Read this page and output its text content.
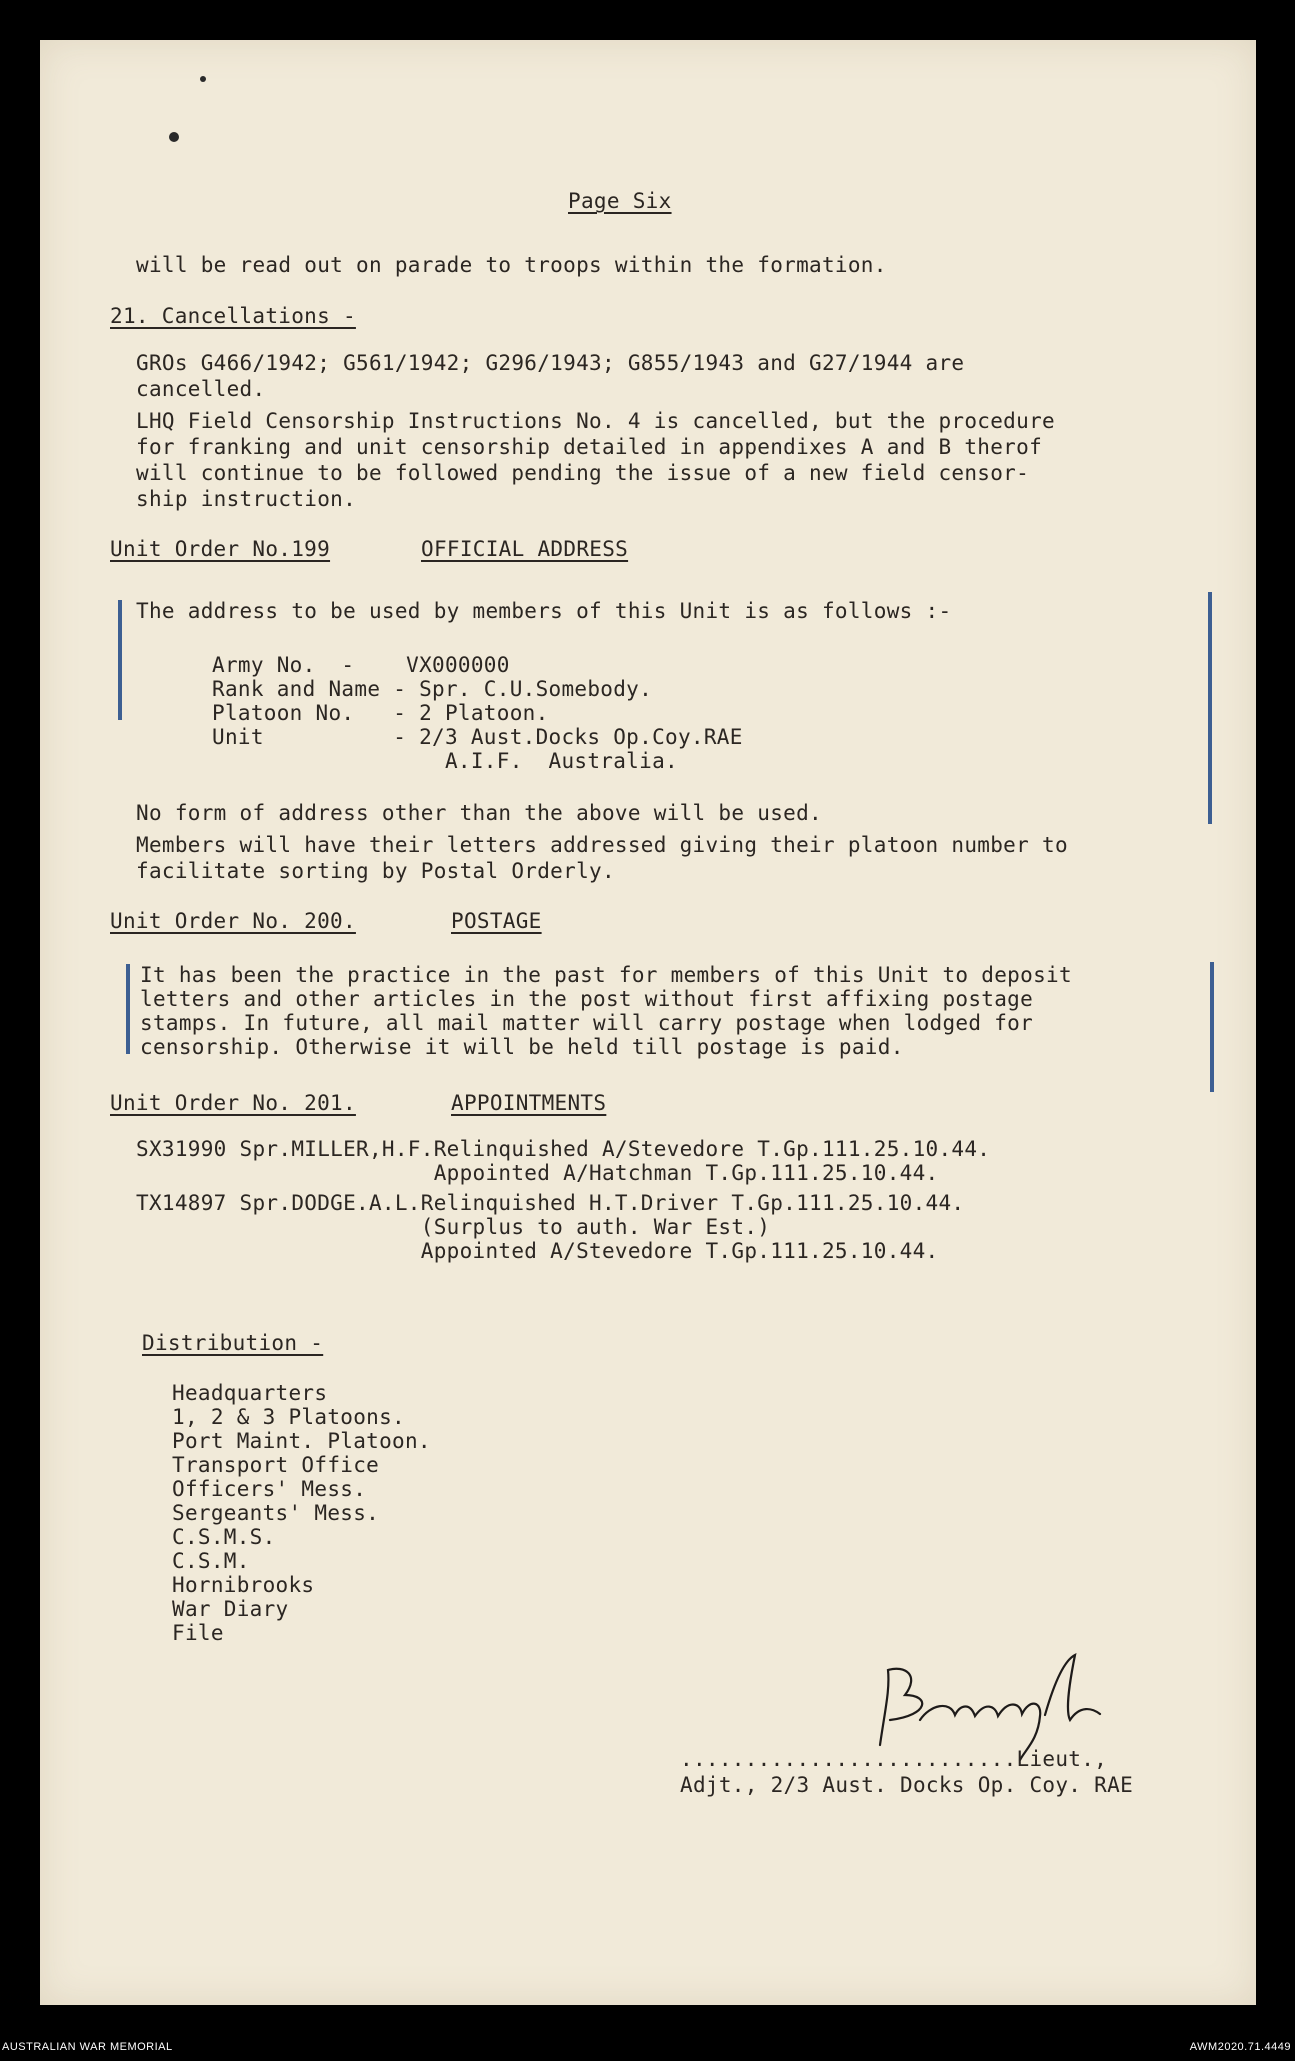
Page Six
will be read out on parade to troops within the formation.
21. Cancellations -
GROs G466/1942; G561/1942; G296/1943; G855/1943 and G27/1944 are
cancelled.
LHQ Field Censorship Instructions No. 4 is cancelled, but the procedure
for franking and unit censorship detailed in appendixes A and B therof
will continue to be followed pending the issue of a new field censor-
ship instruction.
Unit Order No.199	OFFICIAL ADDRESS
The address to be used by members of this Unit is as follows :-
Army No.  -    VX000000
Rank and Name - Spr. C.U.Somebody.
Platoon No.   - 2 Platoon.
Unit          - 2/3 Aust.Docks Op.Coy.RAE
A.I.F.  Australia.
No form of address other than the above will be used.
Members will have their letters addressed giving their platoon number to
facilitate sorting by Postal Orderly.
Unit Order No. 200.	POSTAGE
It has been the practice in the past for members of this Unit to deposit
letters and other articles in the post without first affixing postage
stamps. In future, all mail matter will carry postage when lodged for
censorship. Otherwise it will be held till postage is paid.
Unit Order No. 201.	APPOINTMENTS
SX31990 Spr.MILLER,H.F.Relinquished A/Stevedore T.Gp.111.25.10.44.
Appointed A/Hatchman T.Gp.111.25.10.44.
TX14897 Spr.DODGE.A.L.Relinquished H.T.Driver T.Gp.111.25.10.44.
(Surplus to auth. War Est.)
Appointed A/Stevedore T.Gp.111.25.10.44.
Distribution -
Headquarters
1, 2 & 3 Platoons.
Port Maint. Platoon.
Transport Office
Officers' Mess.
Sergeants' Mess.
C.S.M.S.
C.S.M.
Hornibrooks
War Diary
File
..........................Lieut.,
Adjt., 2/3 Aust. Docks Op. Coy. RAE
AUSTRALIAN WAR MEMORIAL	AWM2020.71.4449
